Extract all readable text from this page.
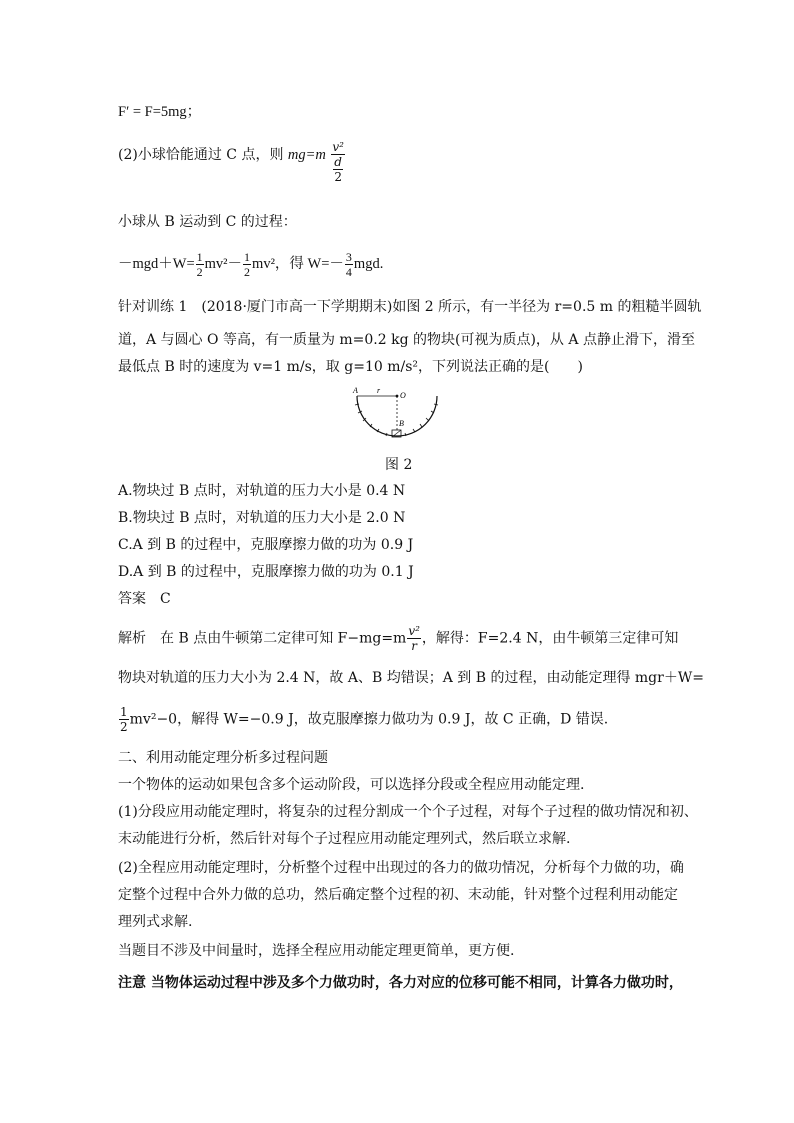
F′ = F=5mg；
(2)小球恰能通过 C 点，则 $mg=m \frac{\text{v²}}{\frac{d}{2}}$
小球从 B 运动到 C 的过程：
$-mgd+W= \frac{1}{2} mv^2- \frac{1}{2} mv^2$，得 $W=- \frac{3}{4}$ mgd.
针对训练 1　(2018·厦门市高一下学期期末)如图 2 所示，有一半径为 r=0.5 m 的粗糙半圆轨
道，A 与圆心 O 等高，有一质量为 m=0.2 kg 的物块(可视为质点)，从 A 点静止滑下，滑至
最低点 B 时的速度为 v=1 m/s，取 g=10 m/s²，下列说法正确的是(　　)
A r
O
B
图 2
A.物块过 B 点时，对轨道的压力大小是 0.4 N
B.物块过 B 点时，对轨道的压力大小是 2.0 N
C.A 到 B 的过程中，克服摩擦力做的功为 0.9 J
D.A 到 B 的过程中，克服摩擦力做的功为 0.1 J
答案　C
解析　在 B 点由牛顿第二定律可知 $F-mg=m \frac{\text{v²}}{r}$ ，解得：F=2.4 N，由牛顿第三定律可知
物块对轨道的压力大小为 2.4 N，故 A、B 均错误；A 到 B 的过程，由动能定理得 mgr＋W=
$\frac{1}{2} mv^2-0$，解得 W=−0.9 J，故克服摩擦力做功为 0.9 J，故 C 正确，D 错误.
二、利用动能定理分析多过程问题
一个物体的运动如果包含多个运动阶段，可以选择分段或全程应用动能定理.
(1)分段应用动能定理时，将复杂的过程分割成一个个子过程，对每个子过程的做功情况和初、
末动能进行分析，然后针对每个子过程应用动能定理列式，然后联立求解.
(2)全程应用动能定理时，分析整个过程中出现过的各力的做功情况，分析每个力做的功，确
定整个过程中合外力做的总功，然后确定整个过程的初、末动能，针对整个过程利用动能定
理列式求解.
当题目不涉及中间量时，选择全程应用动能定理更简单，更方便.
注意 当物体运动过程中涉及多个力做功时，各力对应的位移可能不相同，计算各力做功时，
